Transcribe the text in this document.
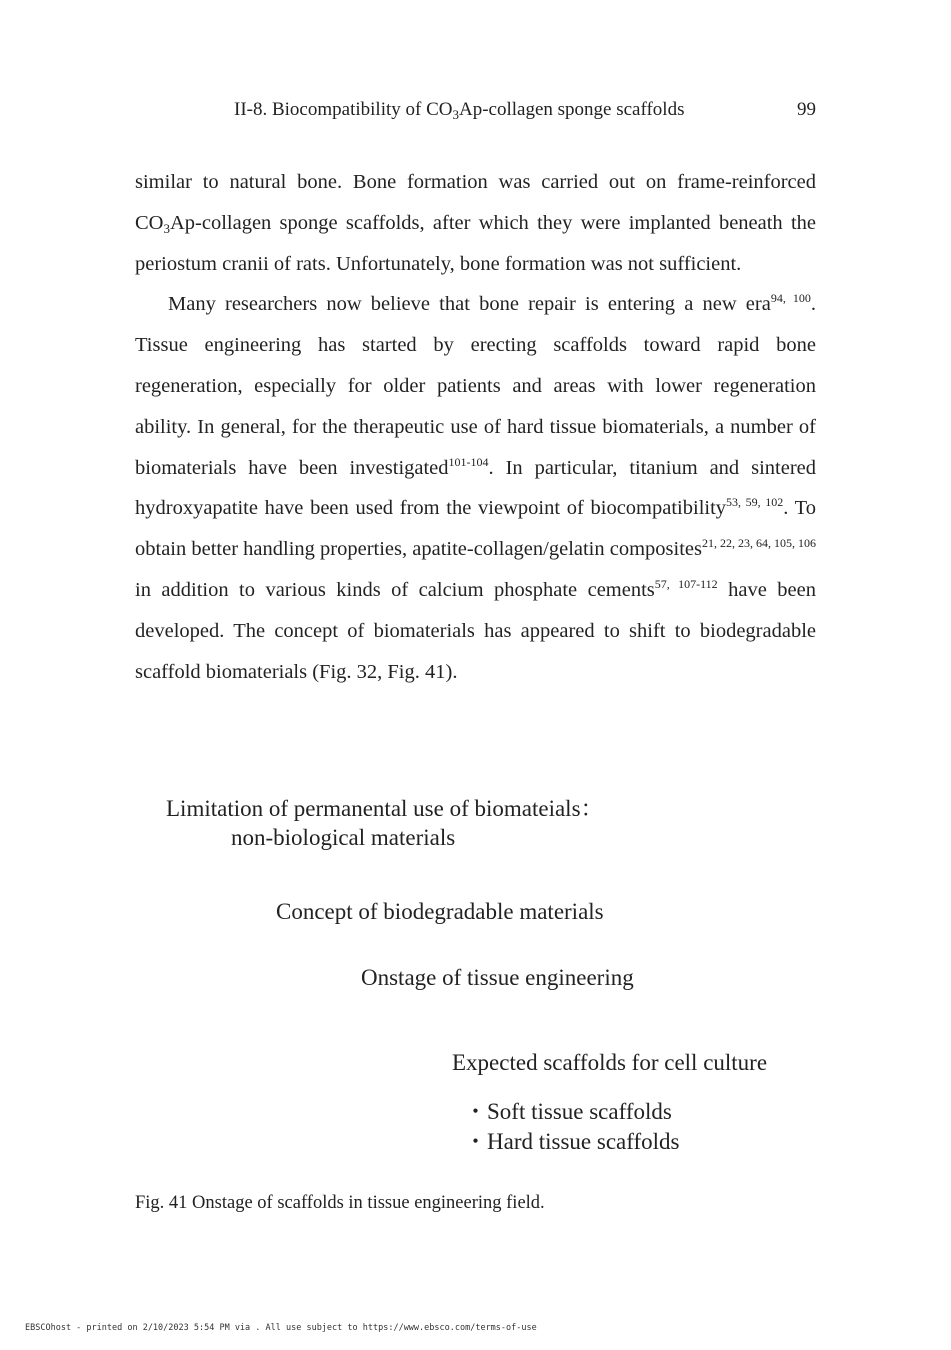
II-8. Biocompatibility of $CO_3Ap$-collagen sponge scaffolds	99

similar to natural bone. Bone formation was carried out on frame-reinforced $CO_3Ap$-collagen sponge scaffolds, after which they were implanted beneath the periostum cranii of rats. Unfortunately, bone formation was not sufficient.

Many researchers now believe that bone repair is entering a new era$^{94, 100}$. Tissue engineering has started by erecting scaffolds toward rapid bone regeneration, especially for older patients and areas with lower regeneration ability. In general, for the therapeutic use of hard tissue biomaterials, a number of biomaterials have been investigated$^{101-104}$. In particular, titanium and sintered hydroxyapatite have been used from the viewpoint of biocompatibility$^{53, 59, 102}$. To obtain better handling properties, apatite-collagen/gelatin composites$^{21, 22, 23, 64, 105, 106}$ in addition to various kinds of calcium phosphate cements$^{57, 107-112}$ have been developed. The concept of biomaterials has appeared to shift to biodegradable scaffold biomaterials (Fig. 32, Fig. 41).

Limitation of permanental use of biomateials：
non-biological materials
Concept of biodegradable materials
Onstage of tissue engineering
Expected scaffolds for cell culture
・Soft tissue scaffolds
・Hard tissue scaffolds
Fig. 41 Onstage of scaffolds in tissue engineering field.
EBSCOhost - printed on 2/10/2023 5:54 PM via . All use subject to https://www.ebsco.com/terms-of-use
